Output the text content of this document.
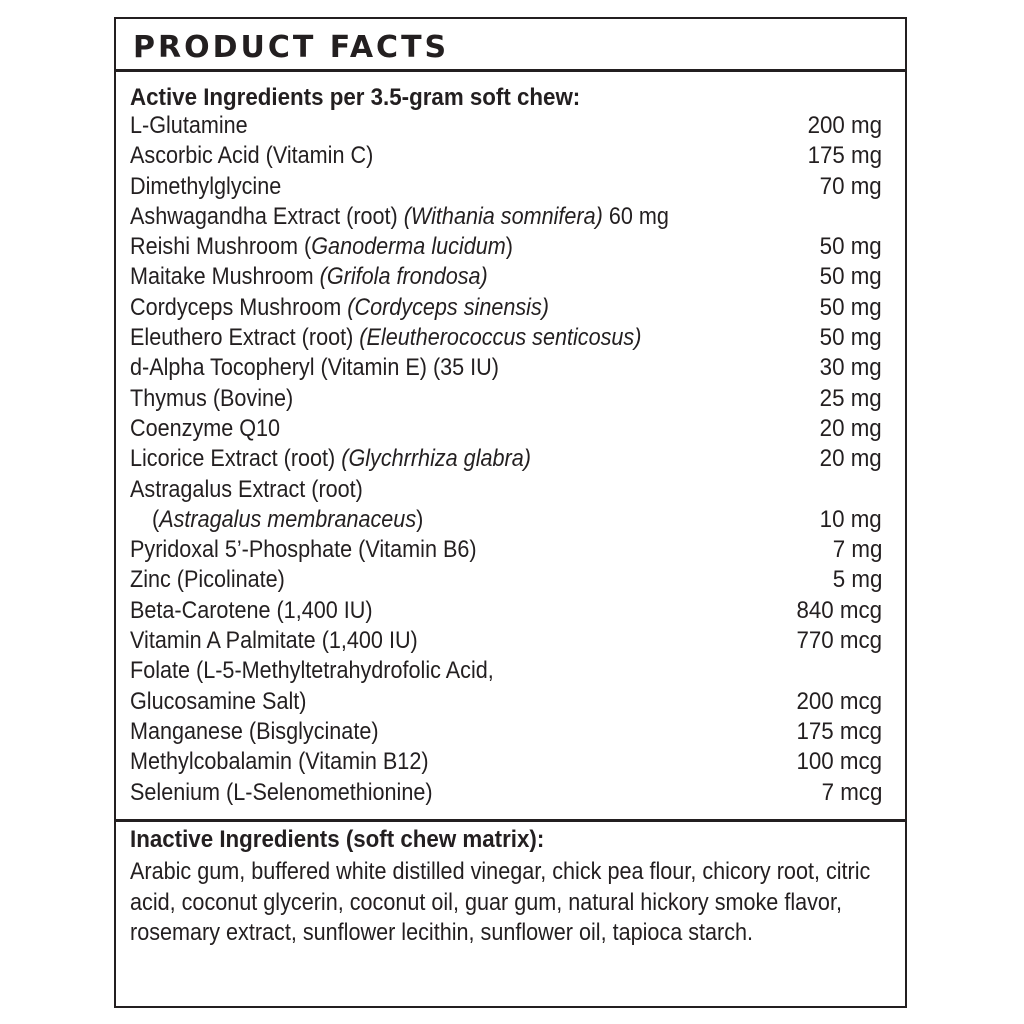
PRODUCT FACTS
Active Ingredients per 3.5-gram soft chew:
L-Glutamine	200 mg
Ascorbic Acid (Vitamin C)	175 mg
Dimethylglycine	70 mg
Ashwagandha Extract (root) (Withania somnifera) 60 mg
Reishi Mushroom (Ganoderma lucidum)	50 mg
Maitake Mushroom (Grifola frondosa)	50 mg
Cordyceps Mushroom (Cordyceps sinensis)	50 mg
Eleuthero Extract (root) (Eleutherococcus senticosus)	50 mg
d-Alpha Tocopheryl (Vitamin E) (35 IU)	30 mg
Thymus (Bovine)	25 mg
Coenzyme Q10	20 mg
Licorice Extract (root) (Glychrrhiza glabra)	20 mg
Astragalus Extract (root)
(Astragalus membranaceus)	10 mg
Pyridoxal 5’-Phosphate (Vitamin B6)	7 mg
Zinc (Picolinate)	5 mg
Beta-Carotene (1,400 IU)	840 mcg
Vitamin A Palmitate (1,400 IU)	770 mcg
Folate (L-5-Methyltetrahydrofolic Acid,
Glucosamine Salt)	200 mcg
Manganese (Bisglycinate)	175 mcg
Methylcobalamin (Vitamin B12)	100 mcg
Selenium (L-Selenomethionine)	7 mcg
Inactive Ingredients (soft chew matrix):

Arabic gum, buffered white distilled vinegar, chick pea flour, chicory root, citric acid, coconut glycerin, coconut oil, guar gum, natural hickory smoke flavor, rosemary extract, sunflower lecithin, sunflower oil, tapioca starch.
